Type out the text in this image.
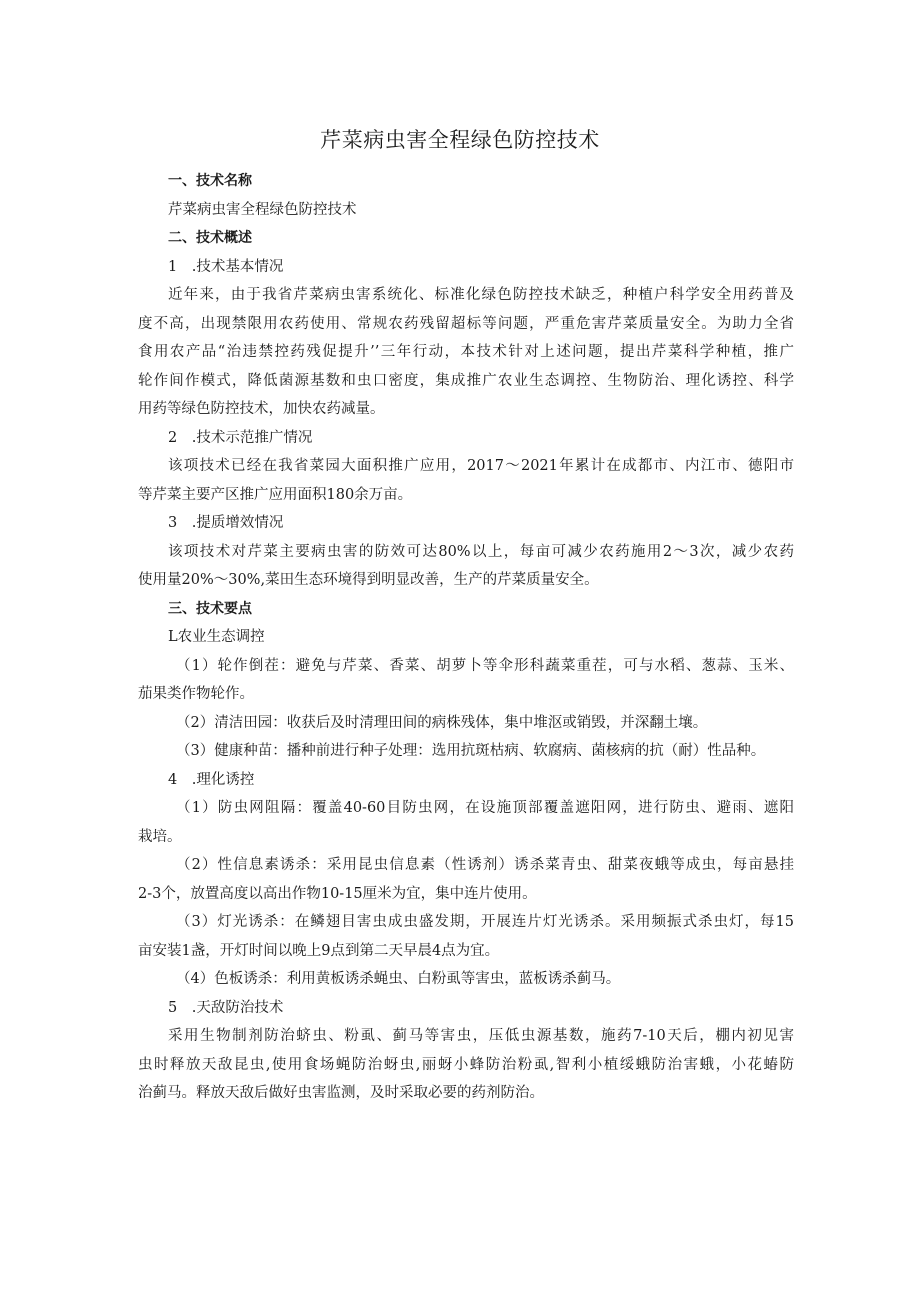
芹菜病虫害全程绿色防控技术
一、技术名称
芹菜病虫害全程绿色防控技术
二、技术概述
1　.技术基本情况
近年来，由于我省芹菜病虫害系统化、标准化绿色防控技术缺乏，种植户科学安全用药普及
度不高，出现禁限用农药使用、常规农药残留超标等问题，严重危害芹菜质量安全。为助力全省
食用农产品“治违禁控药残促提升’’三年行动，本技术针对上述问题，提出芹菜科学种植，推广
轮作间作模式，降低菌源基数和虫口密度，集成推广农业生态调控、生物防治、理化诱控、科学
用药等绿色防控技术，加快农药减量。
2　.技术示范推广情况
该项技术已经在我省菜园大面积推广应用，2017～2021年累计在成都市、内江市、德阳市
等芹菜主要产区推广应用面积180余万亩。
3　.提质增效情况
该项技术对芹菜主要病虫害的防效可达80%以上，每亩可减少农药施用2～3次，减少农药
使用量20%～30%,菜田生态环境得到明显改善，生产的芹菜质量安全。
三、技术要点
L农业生态调控
（1）轮作倒茬：避免与芹菜、香菜、胡萝卜等伞形科蔬菜重茬，可与水稻、葱蒜、玉米、
茄果类作物轮作。
（2）清洁田园：收获后及时清理田间的病株残体，集中堆沤或销毁，并深翻土壤。
（3）健康种苗：播种前进行种子处理：选用抗斑枯病、软腐病、菌核病的抗（耐）性品种。
4　.理化诱控
（1）防虫网阻隔：覆盖40-60目防虫网，在设施顶部覆盖遮阳网，进行防虫、避雨、遮阳
栽培。
（2）性信息素诱杀：采用昆虫信息素（性诱剂）诱杀菜青虫、甜菜夜蛾等成虫，每亩悬挂
2-3个，放置高度以高出作物10-15厘米为宜，集中连片使用。
（3）灯光诱杀：在鳞翅目害虫成虫盛发期，开展连片灯光诱杀。采用频振式杀虫灯，每15
亩安装1盏，开灯时间以晚上9点到第二天早晨4点为宜。
（4）色板诱杀：利用黄板诱杀蝇虫、白粉虱等害虫，蓝板诱杀蓟马。
5　.天敌防治技术
采用生物制剂防治蛴虫、粉虱、蓟马等害虫，压低虫源基数，施药7-10天后，棚内初见害
虫时释放天敌昆虫,使用食场蝇防治蚜虫,丽蚜小蜂防治粉虱,智利小植绥蛾防治害蛾，小花蝽防
治蓟马。释放天敌后做好虫害监测，及时采取必要的药剂防治。
